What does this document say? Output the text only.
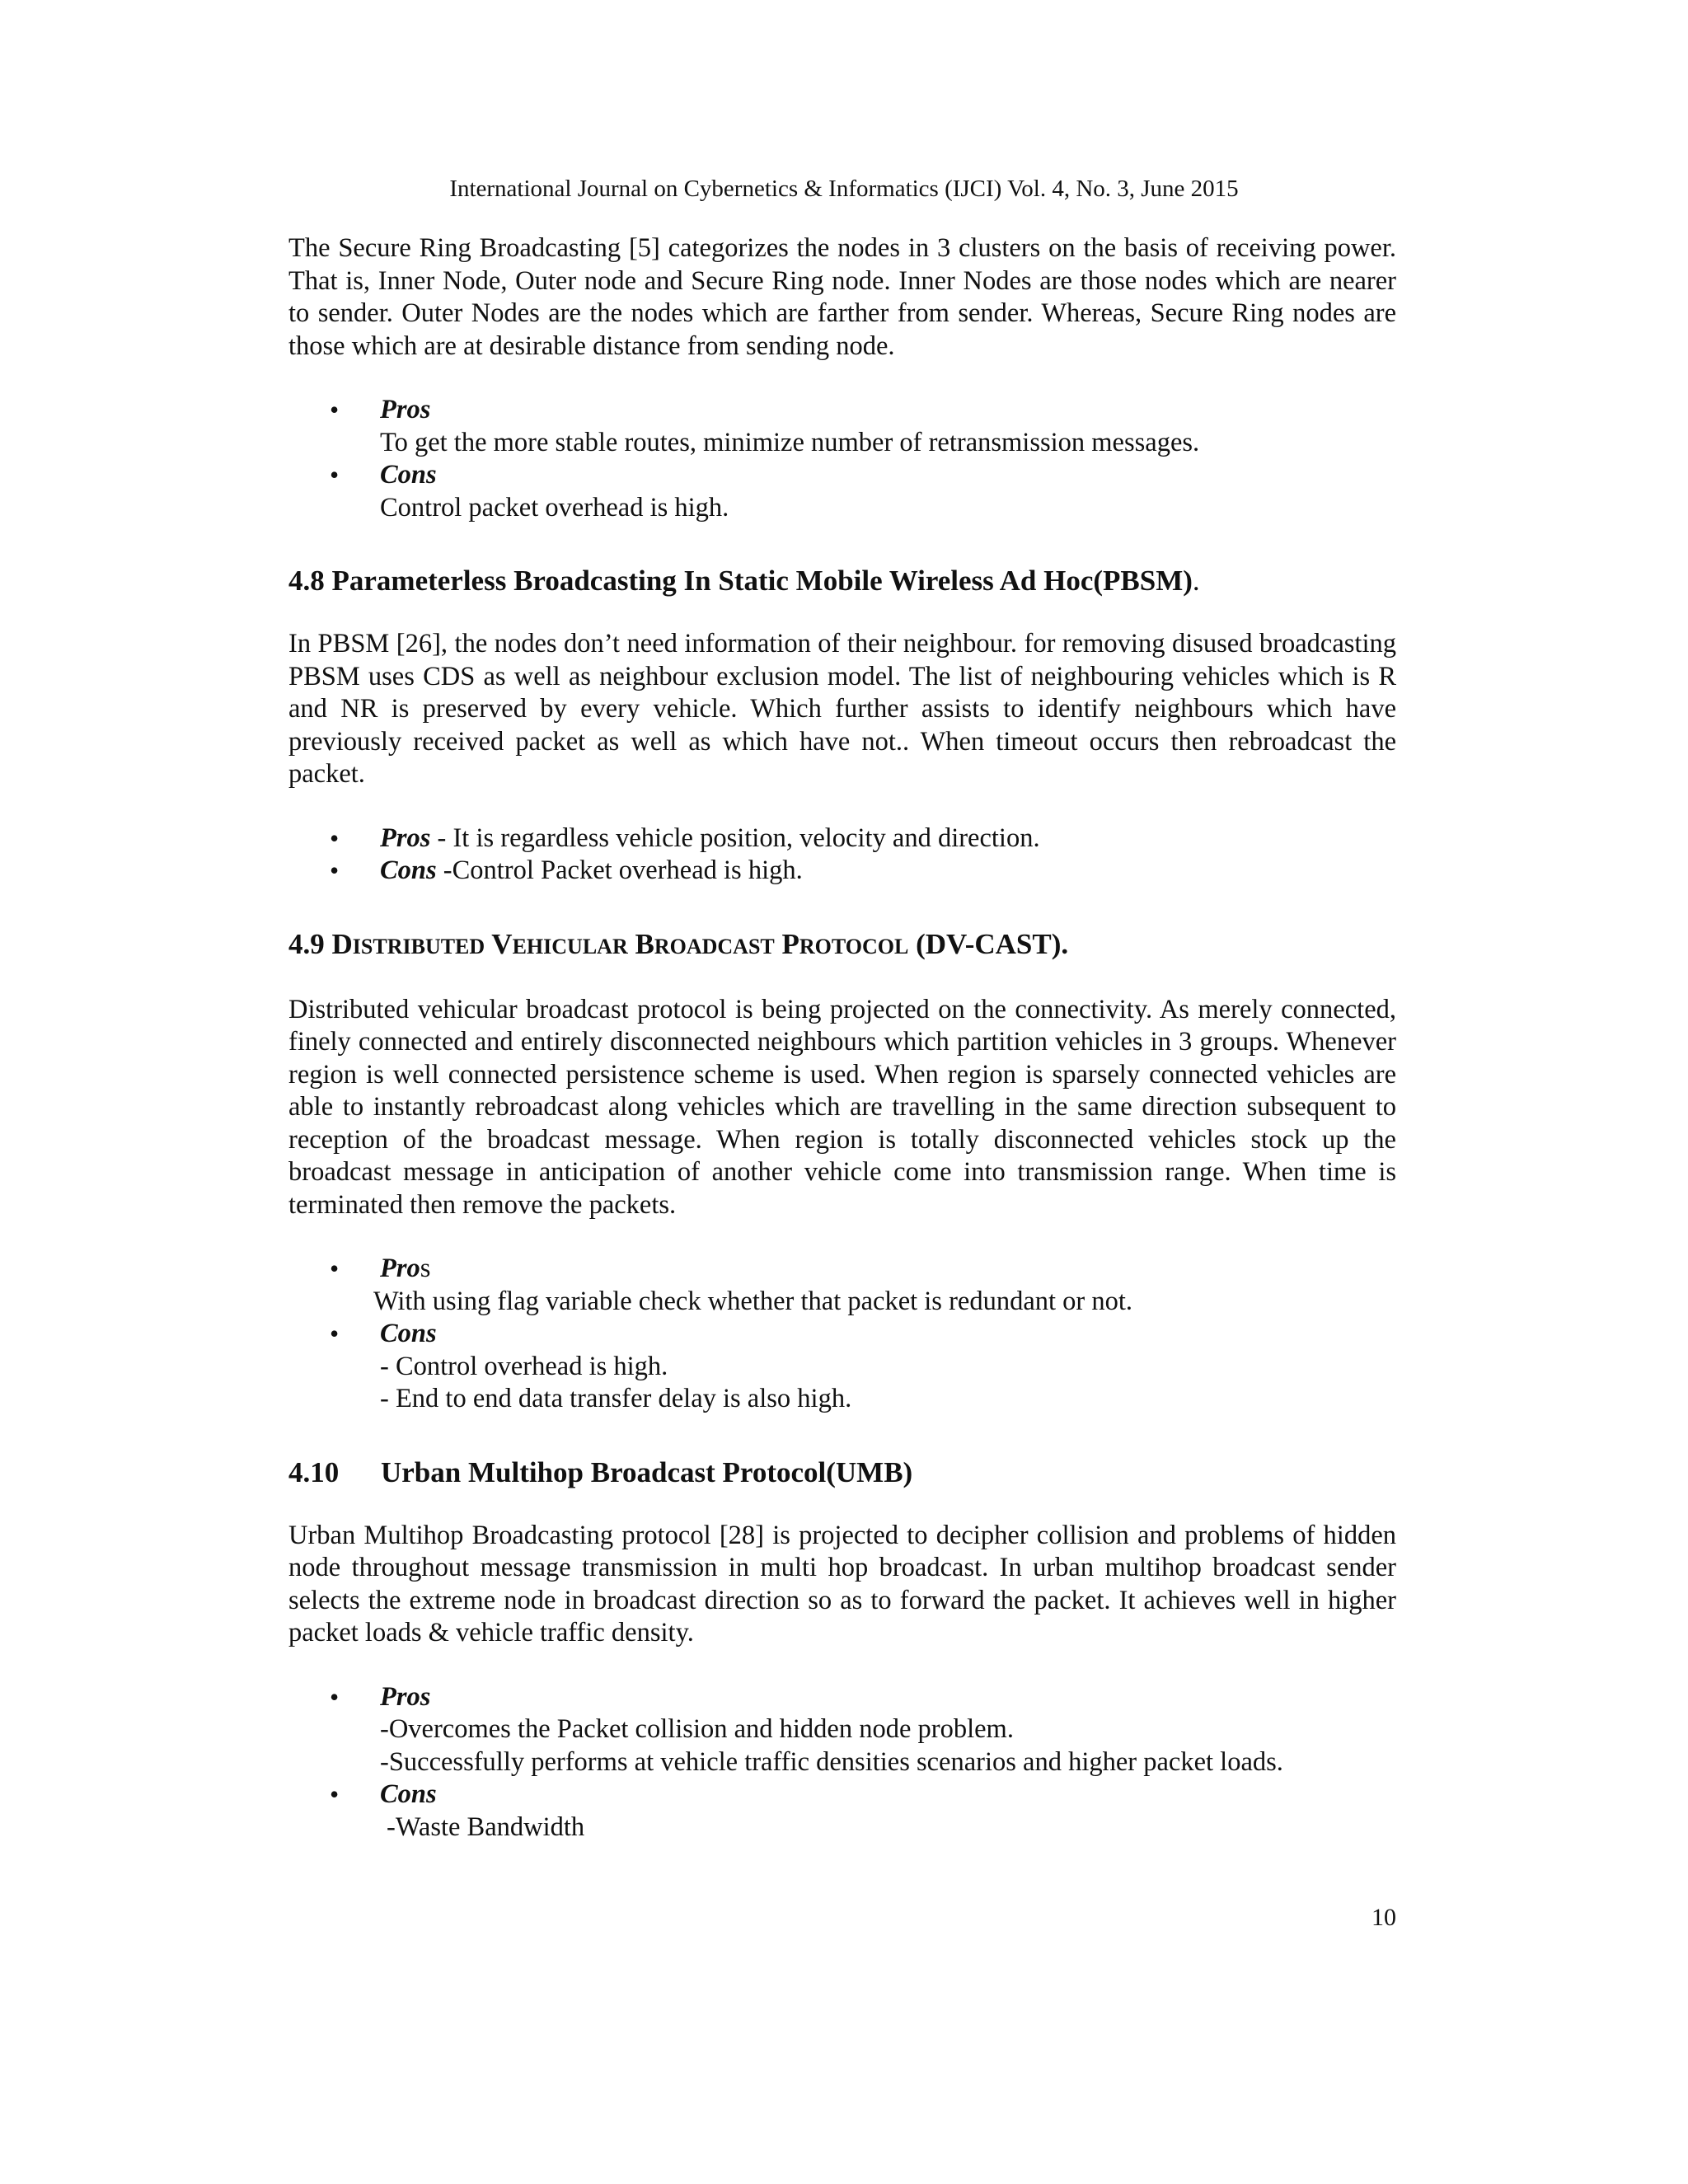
International Journal on Cybernetics & Informatics (IJCI) Vol. 4, No. 3, June 2015

The Secure Ring Broadcasting [5] categorizes the nodes in 3 clusters on the basis of receiving power. That is, Inner Node, Outer node and Secure Ring node. Inner Nodes are those nodes which are nearer to sender. Outer Nodes are the nodes which are farther from sender. Whereas, Secure Ring nodes are those which are at desirable distance from sending node.

• Pros
To get the more stable routes, minimize number of retransmission messages.
• Cons
Control packet overhead is high.
4.8 Parameterless Broadcasting In Static Mobile Wireless Ad Hoc(PBSM).

In PBSM [26], the nodes don’t need information of their neighbour. for removing disused broadcasting PBSM uses CDS as well as neighbour exclusion model. The list of neighbouring vehicles which is R and NR is preserved by every vehicle. Which further assists to identify neighbours which have previously received packet as well as which have not.. When timeout occurs then rebroadcast the packet.

• Pros - It is regardless vehicle position, velocity and direction.
• Cons -Control Packet overhead is high.
4.9 DISTRIBUTED VEHICULAR BROADCAST PROTOCOL (DV-CAST).

Distributed vehicular broadcast protocol is being projected on the connectivity. As merely connected, finely connected and entirely disconnected neighbours which partition vehicles in 3 groups. Whenever region is well connected persistence scheme is used. When region is sparsely connected vehicles are able to instantly rebroadcast along vehicles which are travelling in the same direction subsequent to reception of the broadcast message. When region is totally disconnected vehicles stock up the broadcast message in anticipation of another vehicle come into transmission range. When time is terminated then remove the packets.

• Pros
With using flag variable check whether that packet is redundant or not.
• Cons
- Control overhead is high.
- End to end data transfer delay is also high.
4.10 Urban Multihop Broadcast Protocol(UMB)

Urban Multihop Broadcasting protocol [28] is projected to decipher collision and problems of hidden node throughout message transmission in multi hop broadcast. In urban multihop broadcast sender selects the extreme node in broadcast direction so as to forward the packet. It achieves well in higher packet loads & vehicle traffic density.

• Pros
-Overcomes the Packet collision and hidden node problem.
-Successfully performs at vehicle traffic densities scenarios and higher packet loads.
• Cons
-Waste Bandwidth
10
